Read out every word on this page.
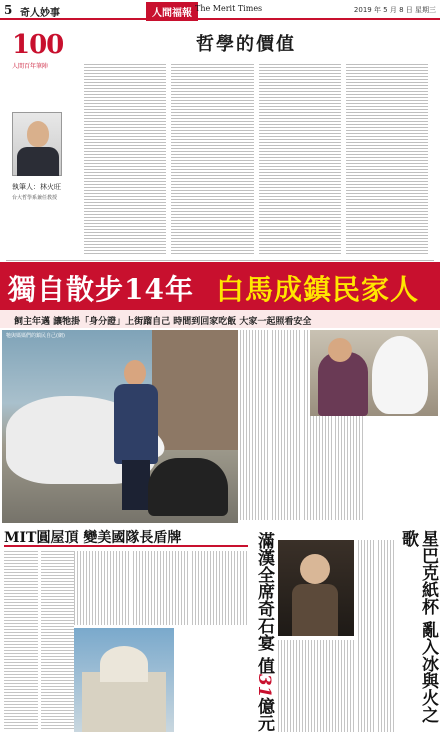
5 奇人妙事	人間福報 The Merit Times	2019 年 5 月 8 日 星期三
100
人間百年筆陣
執筆人：林火旺
台大哲學系兼任教授
哲學的價值
獨自散步14年 白馬成鎮民家人
飼主年邁 讓牠掛「身分證」上街蹓自己 時間到回家吃飯 大家一起照看安全
牠與媽媽們的鎮民自己(網)
MIT圓屋頂 變美國隊長盾牌	滿漢全席奇石宴 值31億元	星巴克紙杯 亂入冰與火之歌
